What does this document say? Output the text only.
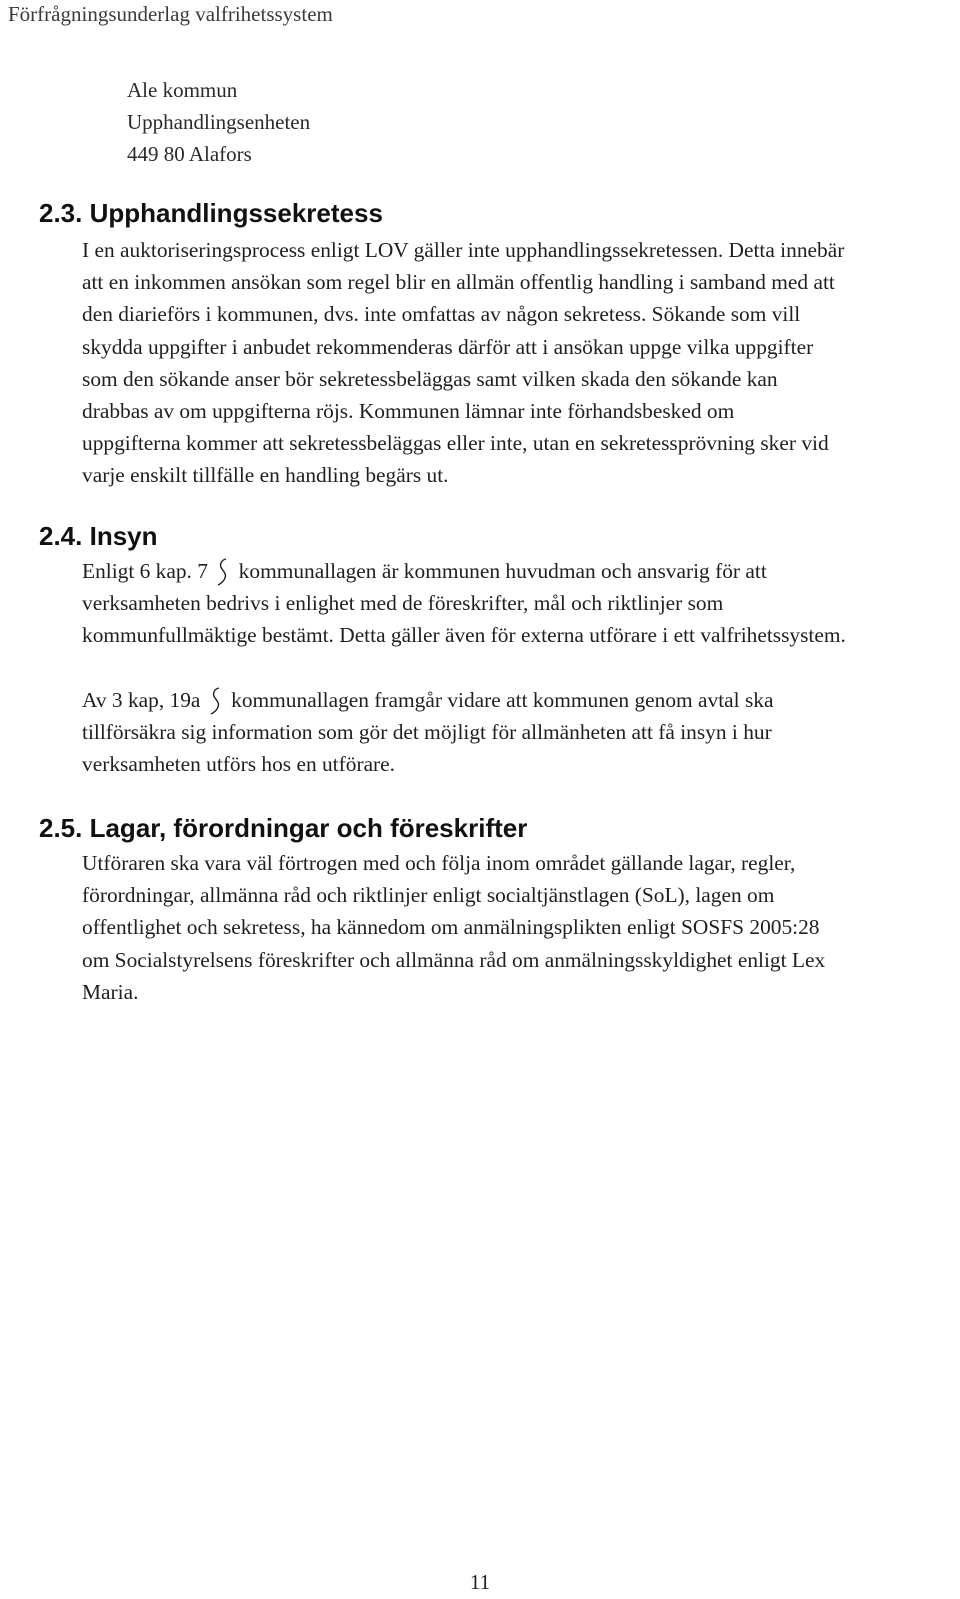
Förfrågningsunderlag valfrihetssystem
Ale kommun
Upphandlingsenheten
449 80 Alafors
2.3. Upphandlingssekretess
I en auktoriseringsprocess enligt LOV gäller inte upphandlingssekretessen. Detta innebär
att en inkommen ansökan som regel blir en allmän offentlig handling i samband med att
den diarieförs i kommunen, dvs. inte omfattas av någon sekretess. Sökande som vill
skydda uppgifter i anbudet rekommenderas därför att i ansökan uppge vilka uppgifter
som den sökande anser bör sekretessbeläggas samt vilken skada den sökande kan
drabbas av om uppgifterna röjs. Kommunen lämnar inte förhandsbesked om
uppgifterna kommer att sekretessbeläggas eller inte, utan en sekretessprövning sker vid
varje enskilt tillfälle en handling begärs ut.
2.4. Insyn
Enligt 6 kap. 7 kommunallagen är kommunen huvudman och ansvarig för att
verksamheten bedrivs i enlighet med de föreskrifter, mål och riktlinjer som
kommunfullmäktige bestämt. Detta gäller även för externa utförare i ett valfrihetssystem.
Av 3 kap, 19a kommunallagen framgår vidare att kommunen genom avtal ska
tillförsäkra sig information som gör det möjligt för allmänheten att få insyn i hur
verksamheten utförs hos en utförare.
2.5. Lagar, förordningar och föreskrifter
Utföraren ska vara väl förtrogen med och följa inom området gällande lagar, regler,
förordningar, allmänna råd och riktlinjer enligt socialtjänstlagen (SoL), lagen om
offentlighet och sekretess, ha kännedom om anmälningsplikten enligt SOSFS 2005:28
om Socialstyrelsens föreskrifter och allmänna råd om anmälningsskyldighet enligt Lex
Maria.
11
